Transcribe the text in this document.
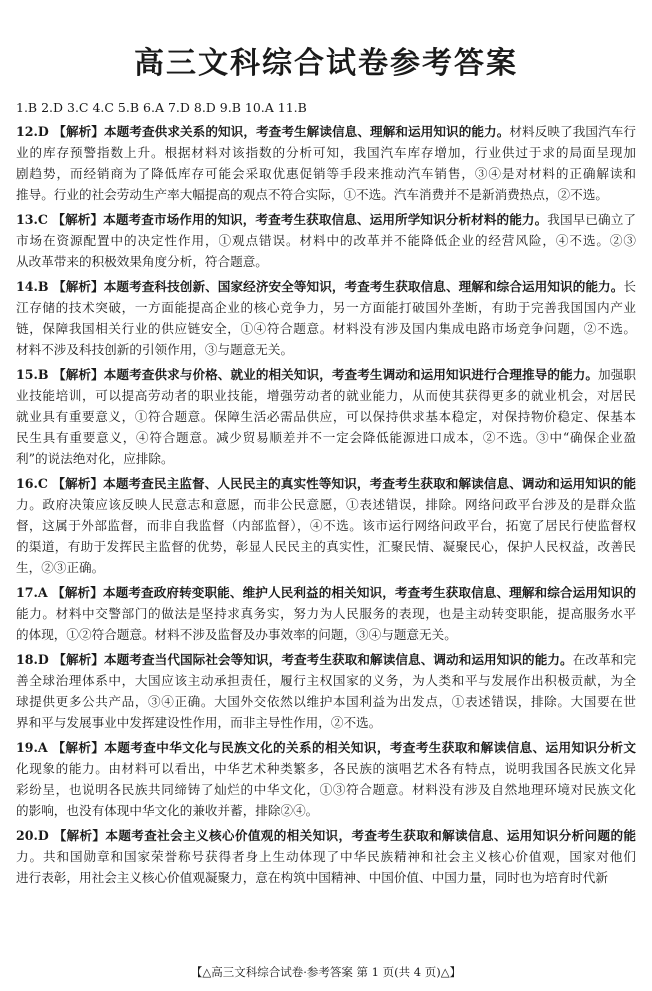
高三文科综合试卷参考答案
1.B 2.D 3.C 4.C 5.B 6.A 7.D 8.D 9.B 10.A 11.B
12.D 【解析】本题考查供求关系的知识，考查考生解读信息、理解和运用知识的能力。材料反映了我国汽车行
业的库存预警指数上升。根据材料对该指数的分析可知，我国汽车库存增加，行业供过于求的局面呈现加
剧趋势，而经销商为了降低库存可能会采取优惠促销等手段来推动汽车销售，③④是对材料的正确解读和
推导。行业的社会劳动生产率大幅提高的观点不符合实际，①不选。汽车消费并不是新消费热点，②不选。
13.C 【解析】本题考查市场作用的知识，考查考生获取信息、运用所学知识分析材料的能力。我国早已确立了
市场在资源配置中的决定性作用，①观点错误。材料中的改革并不能降低企业的经营风险，④不选。②③
从改革带来的积极效果角度分析，符合题意。
14.B 【解析】本题考查科技创新、国家经济安全等知识，考查考生获取信息、理解和综合运用知识的能力。长
江存储的技术突破，一方面能提高企业的核心竞争力，另一方面能打破国外垄断，有助于完善我国国内产业
链，保障我国相关行业的供应链安全，①④符合题意。材料没有涉及国内集成电路市场竞争问题，②不选。
材料不涉及科技创新的引领作用，③与题意无关。
15.B 【解析】本题考查供求与价格、就业的相关知识，考查考生调动和运用知识进行合理推导的能力。加强职
业技能培训，可以提高劳动者的职业技能，增强劳动者的就业能力，从而使其获得更多的就业机会，对居民
就业具有重要意义，①符合题意。保障生活必需品供应，可以保持供求基本稳定，对保持物价稳定、保基本
民生具有重要意义，④符合题意。减少贸易顺差并不一定会降低能源进口成本，②不选。③中“确保企业盈
利”的说法绝对化，应排除。
16.C 【解析】本题考查民主监督、人民民主的真实性等知识，考查考生获取和解读信息、调动和运用知识的能
力。政府决策应该反映人民意志和意愿，而非公民意愿，①表述错误，排除。网络问政平台涉及的是群众监
督，这属于外部监督，而非自我监督（内部监督），④不选。该市运行网络问政平台，拓宽了居民行使监督权
的渠道，有助于发挥民主监督的优势，彰显人民民主的真实性，汇聚民情、凝聚民心，保护人民权益，改善民
生，②③正确。
17.A 【解析】本题考查政府转变职能、维护人民利益的相关知识，考查考生获取信息、理解和综合运用知识的
能力。材料中交警部门的做法是坚持求真务实，努力为人民服务的表现，也是主动转变职能，提高服务水平
的体现，①②符合题意。材料不涉及监督及办事效率的问题，③④与题意无关。
18.D 【解析】本题考查当代国际社会等知识，考查考生获取和解读信息、调动和运用知识的能力。在改革和完
善全球治理体系中，大国应该主动承担责任，履行主权国家的义务，为人类和平与发展作出积极贡献，为全
球提供更多公共产品，③④正确。大国外交依然以维护本国利益为出发点，①表述错误，排除。大国要在世
界和平与发展事业中发挥建设性作用，而非主导性作用，②不选。
19.A 【解析】本题考查中华文化与民族文化的关系的相关知识，考查考生获取和解读信息、运用知识分析文
化现象的能力。由材料可以看出，中华艺术种类繁多，各民族的演唱艺术各有特点，说明我国各民族文化异
彩纷呈，也说明各民族共同缔铸了灿烂的中华文化，①③符合题意。材料没有涉及自然地理环境对民族文化
的影响，也没有体现中华文化的兼收并蓄，排除②④。
20.D 【解析】本题考查社会主义核心价值观的相关知识，考查考生获取和解读信息、运用知识分析问题的能
力。共和国勋章和国家荣誉称号获得者身上生动体现了中华民族精神和社会主义核心价值观，国家对他们
进行表彰，用社会主义核心价值观凝聚力，意在构筑中国精神、中国价值、中国力量，同时也为培育时代新
【△高三文科综合试卷·参考答案 第 1 页(共 4 页)△】
